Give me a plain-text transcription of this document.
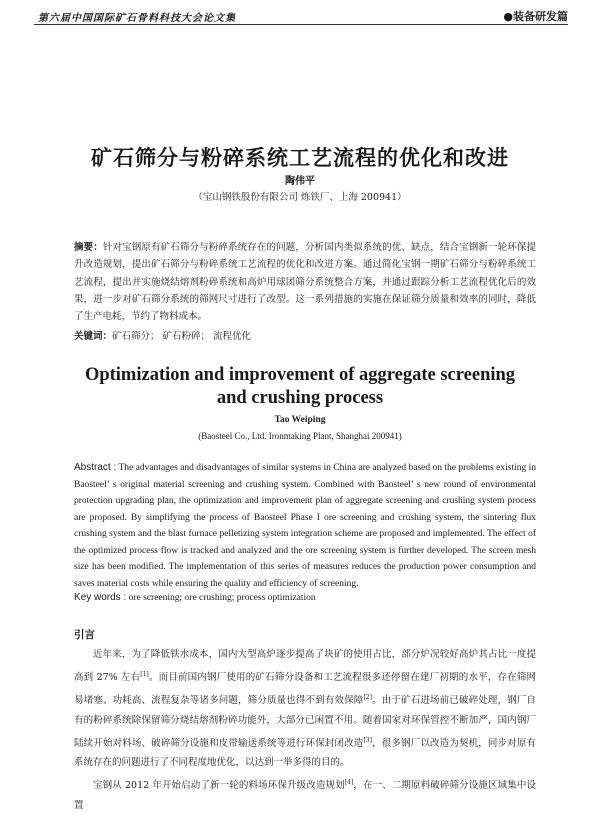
第六届中国国际矿石骨料科技大会论文集	●装备研发篇
矿石筛分与粉碎系统工艺流程的优化和改进
陶伟平
（宝山钢铁股份有限公司 炼铁厂、上海 200941）
摘要：针对宝钢原有矿石筛分与粉碎系统存在的问题，分析国内类似系统的优、缺点，结合宝钢新一轮环保提升改造规划，提出矿石筛分与粉碎系统工艺流程的优化和改进方案。通过简化宝钢一期矿石筛分与粉碎系统工艺流程，提出并实施烧结熔剂粉碎系统和高炉用球团筛分系统整合方案，并通过跟踪分析工艺流程优化后的效果，进一步对矿石筛分系统的筛网尺寸进行了改型。这一系列措施的实施在保证筛分质量和效率的同时，降低了生产电耗，节约了物料成本。
关键词：矿石筛分； 矿石粉碎； 流程优化
Optimization and improvement of aggregate screening
and crushing process
Tao Weiping
(Baosteel Co., Ltd. Ironmaking Plant, Shanghai 200941)
Abstract : The advantages and disadvantages of similar systems in China are analyzed based on the problems existing in Baosteel’ s original material screening and crushing system. Combined with Baosteel’ s new round of environmental protection upgrading plan, the optimization and improvement plan of aggregate screening and crushing system process are proposed. By simplifying the process of Baosteel Phase I ore screening and crushing system, the sintering flux crushing system and the blast furnace pelletizing system integration scheme are proposed and implemented. The effect of the optimized process flow is tracked and analyzed and the ore screening system is further developed. The screen mesh size has been modified. The implementation of this series of measures reduces the production power consumption and saves material costs while ensuring the quality and efficiency of screening.
Key words : ore screening; ore crushing; process optimization
引言

近年来，为了降低铁水成本，国内大型高炉逐步提高了块矿的使用占比，部分炉况较好高炉其占比一度提高到 27% 左右[1]。而目前国内钢厂使用的矿石筛分设备和工艺流程很多还停留在建厂初期的水平，存在筛网易堵塞、功耗高、流程复杂等诸多问题，筛分质量也得不到有效保障[2]。由于矿石进场前已破碎处理，钢厂自有的粉碎系统除保留筛分烧结熔剂粉碎功能外，大部分已闲置不用。随着国家对环保管控不断加严，国内钢厂陆续开始对料场、破碎筛分设施和皮带输送系统等进行环保封闭改造[3]，很多钢厂以改造为契机，同步对原有系统存在的问题进行了不同程度地优化，以达到一举多得的目的。

宝钢从 2012 年开始启动了新一轮的料场环保升级改造规划[4]，在一、二期原料破碎筛分设施区域集中设置
